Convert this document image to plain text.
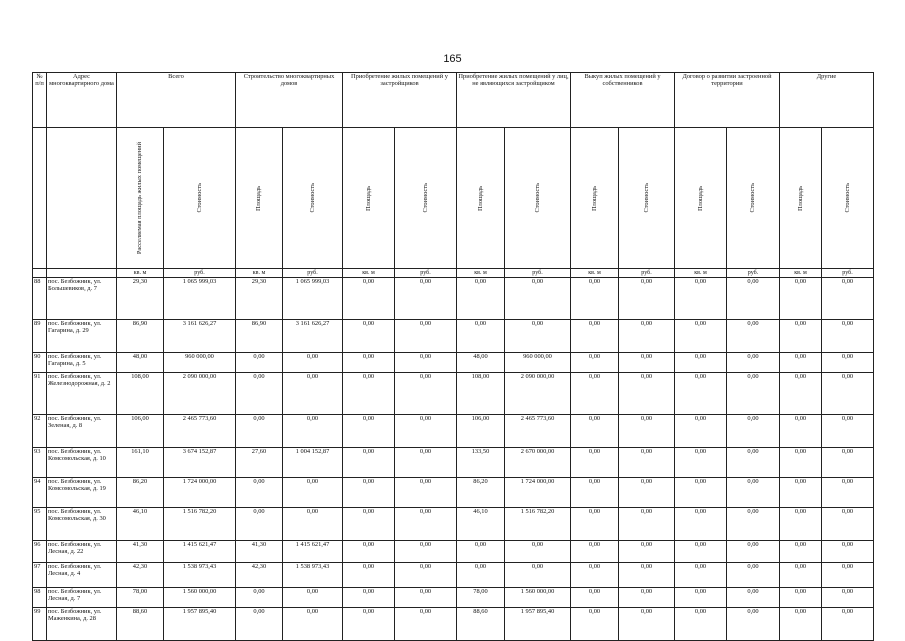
165
№ п/п	Адрес многоквартирного дома	Всего		Строительство многоквартирных домов		Приобретение жилых помещений у застройщиков		Приобретение жилых помещений у лиц, не являющихся застройщиком		Выкуп жилых помещений у собственников		Договор о развитии застроенной территории		Другие	

		Расселяемая площадь жилых помещений	Стоимость	Площадь	Стоимость	Площадь	Стоимость	Площадь	Стоимость	Площадь	Стоимость	Площадь	Стоимость	Площадь	Стоимость

		кв. м	руб.	кв. м	руб.	кв. м	руб.	кв. м	руб.	кв. м	руб.	кв. м	руб.	кв. м	руб.
88	пос. Безбожник, ул. Большевиков, д. 7	29,30	1 065 999,03	29,30	1 065 999,03	0,00	0,00	0,00	0,00	0,00	0,00	0,00	0,00	0,00	0,00
89	пос. Безбожник, ул. Гагарина, д. 29	86,90	3 161 626,27	86,90	3 161 626,27	0,00	0,00	0,00	0,00	0,00	0,00	0,00	0,00	0,00	0,00
90	пос. Безбожник, ул. Гагарина, д. 5	48,00	960 000,00	0,00	0,00	0,00	0,00	48,00	960 000,00	0,00	0,00	0,00	0,00	0,00	0,00
91	пос. Безбожник, ул. Железнодорожная, д. 2	108,00	2 090 000,00	0,00	0,00	0,00	0,00	108,00	2 090 000,00	0,00	0,00	0,00	0,00	0,00	0,00
92	пос. Безбожник, ул. Зеленая, д. 8	106,00	2 465 773,60	0,00	0,00	0,00	0,00	106,00	2 465 773,60	0,00	0,00	0,00	0,00	0,00	0,00
93	пос. Безбожник, ул. Комсомольская, д. 10	161,10	3 674 152,87	27,60	1 004 152,87	0,00	0,00	133,50	2 670 000,00	0,00	0,00	0,00	0,00	0,00	0,00
94	пос. Безбожник, ул. Комсомольская, д. 19	86,20	1 724 000,00	0,00	0,00	0,00	0,00	86,20	1 724 000,00	0,00	0,00	0,00	0,00	0,00	0,00
95	пос. Безбожник, ул. Комсомольская, д. 30	46,10	1 516 782,20	0,00	0,00	0,00	0,00	46,10	1 516 782,20	0,00	0,00	0,00	0,00	0,00	0,00
96	пос. Безбожник, ул. Лесная, д. 22	41,30	1 415 621,47	41,30	1 415 621,47	0,00	0,00	0,00	0,00	0,00	0,00	0,00	0,00	0,00	0,00
97	пос. Безбожник, ул. Лесная, д. 4	42,30	1 538 973,43	42,30	1 538 973,43	0,00	0,00	0,00	0,00	0,00	0,00	0,00	0,00	0,00	0,00
98	пос. Безбожник, ул. Лесная, д. 7	78,00	1 560 000,00	0,00	0,00	0,00	0,00	78,00	1 560 000,00	0,00	0,00	0,00	0,00	0,00	0,00
99	пос. Безбожник, ул. Маженкина, д. 28	88,60	1 957 895,40	0,00	0,00	0,00	0,00	88,60	1 957 895,40	0,00	0,00	0,00	0,00	0,00	0,00
